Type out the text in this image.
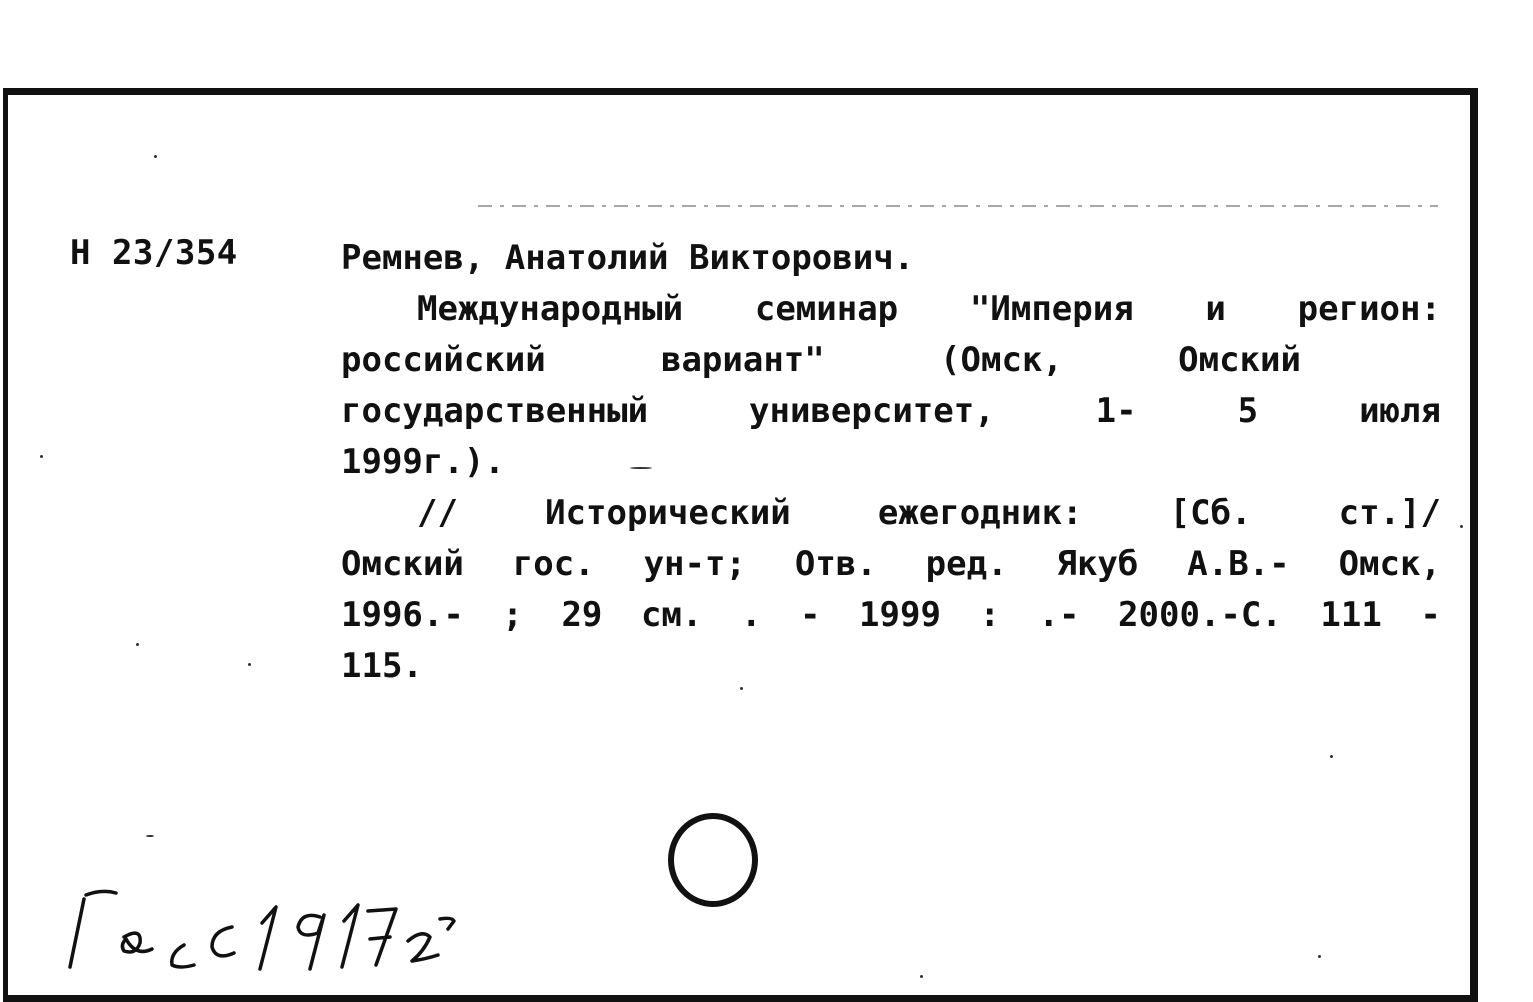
Н 23/354	Ремнев, Анатолий Викторович.
Международный семинар "Империя и регион:
российский	вариант"	(Омск,	Омский
государственный	университет,	1-	5	июля
1999г.).
//	Исторический	ежегодник:	[Сб.	ст.]/
Омский гос. ун-т; Отв. ред. Якуб А.В.- Омск,
1996.- ; 29 см. . - 1999 : .- 2000.-С. 111 -
115.
